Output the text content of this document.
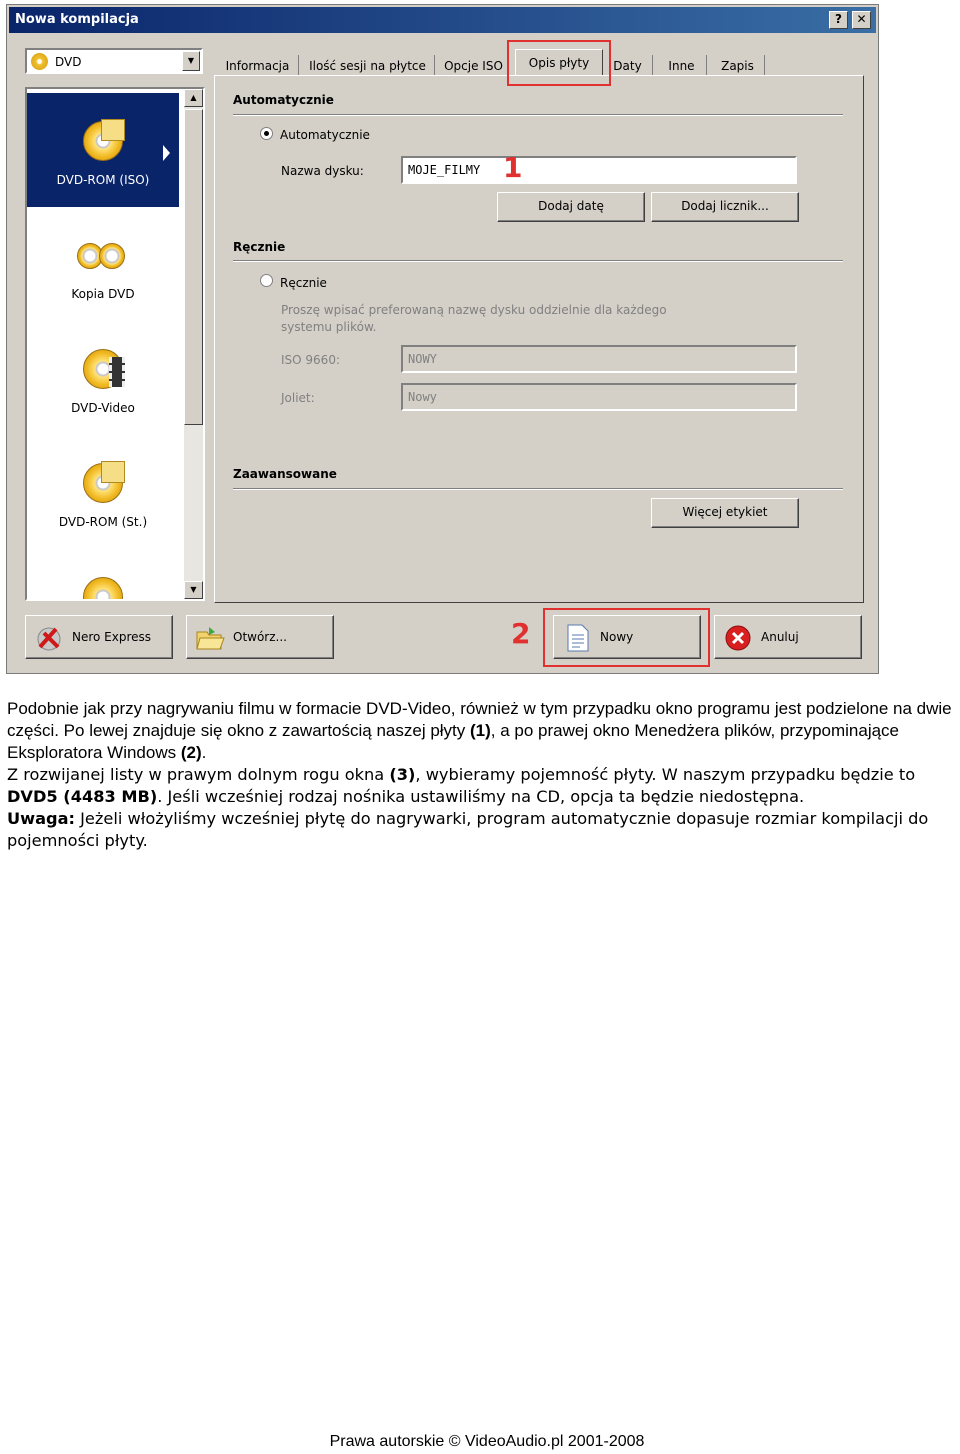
Nowa kompilacja	?	✕
DVD	▼
DVD-ROM (ISO)
Kopia DVD
DVD-Video
DVD-ROM (St.)
▲
▼
Informacja	Ilość sesji na płytce	Opcje ISO	Opis płyty	Daty	Inne	Zapis
Automatycznie
Automatycznie
Nazwa dysku:	MOJE_FILMY
Dodaj datę	Dodaj licznik...
Ręcznie
Ręcznie
Proszę wpisać preferowaną nazwę dysku oddzielnie dla każdego systemu plików.
ISO 9660:	NOWY
Joliet:	Nowy
Zaawansowane
Więcej etykiet
Nero Express	Otwórz...	Nowy	Anuluj
1
2
Podobnie jak przy nagrywaniu filmu w formacie DVD-Video, również w tym przypadku okno programu jest podzielone na dwie części. Po lewej znajduje się okno z zawartością naszej płyty (1), a po prawej okno Menedżera plików, przypominające Eksploratora Windows (2).
Z rozwijanej listy w prawym dolnym rogu okna (3), wybieramy pojemność płyty. W naszym przypadku będzie to DVD5 (4483 MB). Jeśli wcześniej rodzaj nośnika ustawiliśmy na CD, opcja ta będzie niedostępna.
Uwaga: Jeżeli włożyliśmy wcześniej płytę do nagrywarki, program automatycznie dopasuje rozmiar kompilacji do pojemności płyty.
Prawa autorskie © VideoAudio.pl 2001-2008
